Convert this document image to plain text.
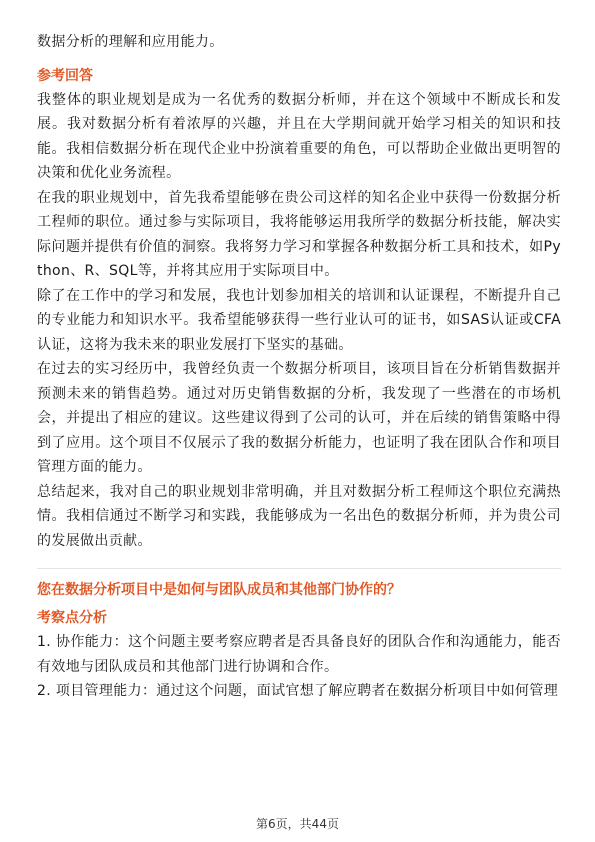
数据分析的理解和应用能力。

参考回答

我整体的职业规划是成为一名优秀的数据分析师，并在这个领域中不断成长和发展。我对数据分析有着浓厚的兴趣，并且在大学期间就开始学习相关的知识和技能。我相信数据分析在现代企业中扮演着重要的角色，可以帮助企业做出更明智的决策和优化业务流程。

在我的职业规划中，首先我希望能够在贵公司这样的知名企业中获得一份数据分析工程师的职位。通过参与实际项目，我将能够运用我所学的数据分析技能，解决实际问题并提供有价值的洞察。我将努力学习和掌握各种数据分析工具和技术，如Python、R、SQL等，并将其应用于实际项目中。

除了在工作中的学习和发展，我也计划参加相关的培训和认证课程，不断提升自己的专业能力和知识水平。我希望能够获得一些行业认可的证书，如SAS认证或CFA认证，这将为我未来的职业发展打下坚实的基础。

在过去的实习经历中，我曾经负责一个数据分析项目，该项目旨在分析销售数据并预测未来的销售趋势。通过对历史销售数据的分析，我发现了一些潜在的市场机会，并提出了相应的建议。这些建议得到了公司的认可，并在后续的销售策略中得到了应用。这个项目不仅展示了我的数据分析能力，也证明了我在团队合作和项目管理方面的能力。

总结起来，我对自己的职业规划非常明确，并且对数据分析工程师这个职位充满热情。我相信通过不断学习和实践，我能够成为一名出色的数据分析师，并为贵公司的发展做出贡献。

您在数据分析项目中是如何与团队成员和其他部门协作的？

考察点分析

1. 协作能力：这个问题主要考察应聘者是否具备良好的团队合作和沟通能力，能否有效地与团队成员和其他部门进行协调和合作。

2. 项目管理能力：通过这个问题，面试官想了解应聘者在数据分析项目中如何管理

第6页，共44页
